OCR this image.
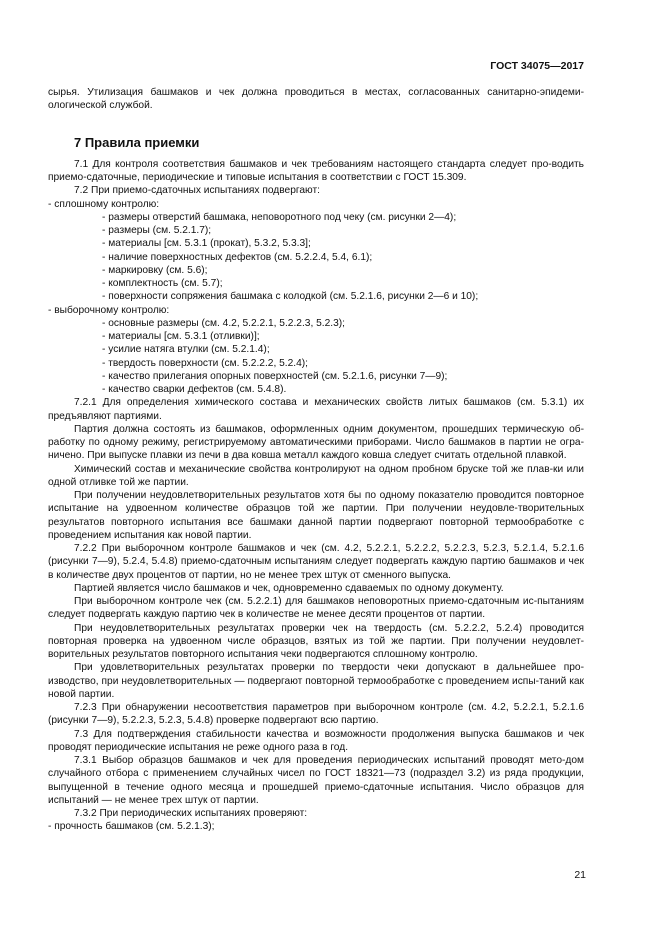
ГОСТ 34075—2017

сырья. Утилизация башмаков и чек должна проводиться в местах, согласованных санитарно-эпидеми-ологической службой.

7 Правила приемки

7.1 Для контроля соответствия башмаков и чек требованиям настоящего стандарта следует про-водить приемо-сдаточные, периодические и типовые испытания в соответствии с ГОСТ 15.309.

7.2 При приемо-сдаточных испытаниях подвергают:

- сплошному контролю:

- размеры отверстий башмака, неповоротного под чеку (см. рисунки 2—4);

- размеры (см. 5.2.1.7);

- материалы [см. 5.3.1 (прокат), 5.3.2, 5.3.3];

- наличие поверхностных дефектов (см. 5.2.2.4, 5.4, 6.1);

- маркировку (см. 5.6);

- комплектность (см. 5.7);

- поверхности сопряжения башмака с колодкой (см. 5.2.1.6, рисунки 2—6 и 10);

- выборочному контролю:

- основные размеры (см. 4.2, 5.2.2.1, 5.2.2.3, 5.2.3);

- материалы [см. 5.3.1 (отливки)];

- усилие натяга втулки (см. 5.2.1.4);

- твердость поверхности (см. 5.2.2.2, 5.2.4);

- качество прилегания опорных поверхностей (см. 5.2.1.6, рисунки 7—9);

- качество сварки дефектов (см. 5.4.8).

7.2.1 Для определения химического состава и механических свойств литых башмаков (см. 5.3.1) их предъявляют партиями.

Партия должна состоять из башмаков, оформленных одним документом, прошедших термическую об-работку по одному режиму, регистрируемому автоматическими приборами. Число башмаков в партии не огра-ничено. При выпуске плавки из печи в два ковша металл каждого ковша следует считать отдельной плавкой.

Химический состав и механические свойства контролируют на одном пробном бруске той же плав-ки или одной отливке той же партии.

При получении неудовлетворительных результатов хотя бы по одному показателю проводится повторное испытание на удвоенном количестве образцов той же партии. При получении неудовле-творительных результатов повторного испытания все башмаки данной партии подвергают повторной термообработке с проведением испытания как новой партии.

7.2.2 При выборочном контроле башмаков и чек (см. 4.2, 5.2.2.1, 5.2.2.2, 5.2.2.3, 5.2.3, 5.2.1.4, 5.2.1.6 (рисунки 7—9), 5.2.4, 5.4.8) приемо-сдаточным испытаниям следует подвергать каждую партию башмаков и чек в количестве двух процентов от партии, но не менее трех штук от сменного выпуска.

Партией является число башмаков и чек, одновременно сдаваемых по одному документу.

При выборочном контроле чек (см. 5.2.2.1) для башмаков неповоротных приемо-сдаточным ис-пытаниям следует подвергать каждую партию чек в количестве не менее десяти процентов от партии.

При неудовлетворительных результатах проверки чек на твердость (см. 5.2.2.2, 5.2.4) проводится повторная проверка на удвоенном числе образцов, взятых из той же партии. При получении неудовлет-ворительных результатов повторного испытания чеки подвергаются сплошному контролю.

При удовлетворительных результатах проверки по твердости чеки допускают в дальнейшее про-изводство, при неудовлетворительных — подвергают повторной термообработке с проведением испы-таний как новой партии.

7.2.3 При обнаружении несоответствия параметров при выборочном контроле (см. 4.2, 5.2.2.1, 5.2.1.6 (рисунки 7—9), 5.2.2.3, 5.2.3, 5.4.8) проверке подвергают всю партию.

7.3 Для подтверждения стабильности качества и возможности продолжения выпуска башмаков и чек проводят периодические испытания не реже одного раза в год.

7.3.1 Выбор образцов башмаков и чек для проведения периодических испытаний проводят мето-дом случайного отбора с применением случайных чисел по ГОСТ 18321—73 (подраздел 3.2) из ряда продукции, выпущенной в течение одного месяца и прошедшей приемо-сдаточные испытания. Число образцов для испытаний — не менее трех штук от партии.

7.3.2 При периодических испытаниях проверяют:

- прочность башмаков (см. 5.2.1.3);

21
